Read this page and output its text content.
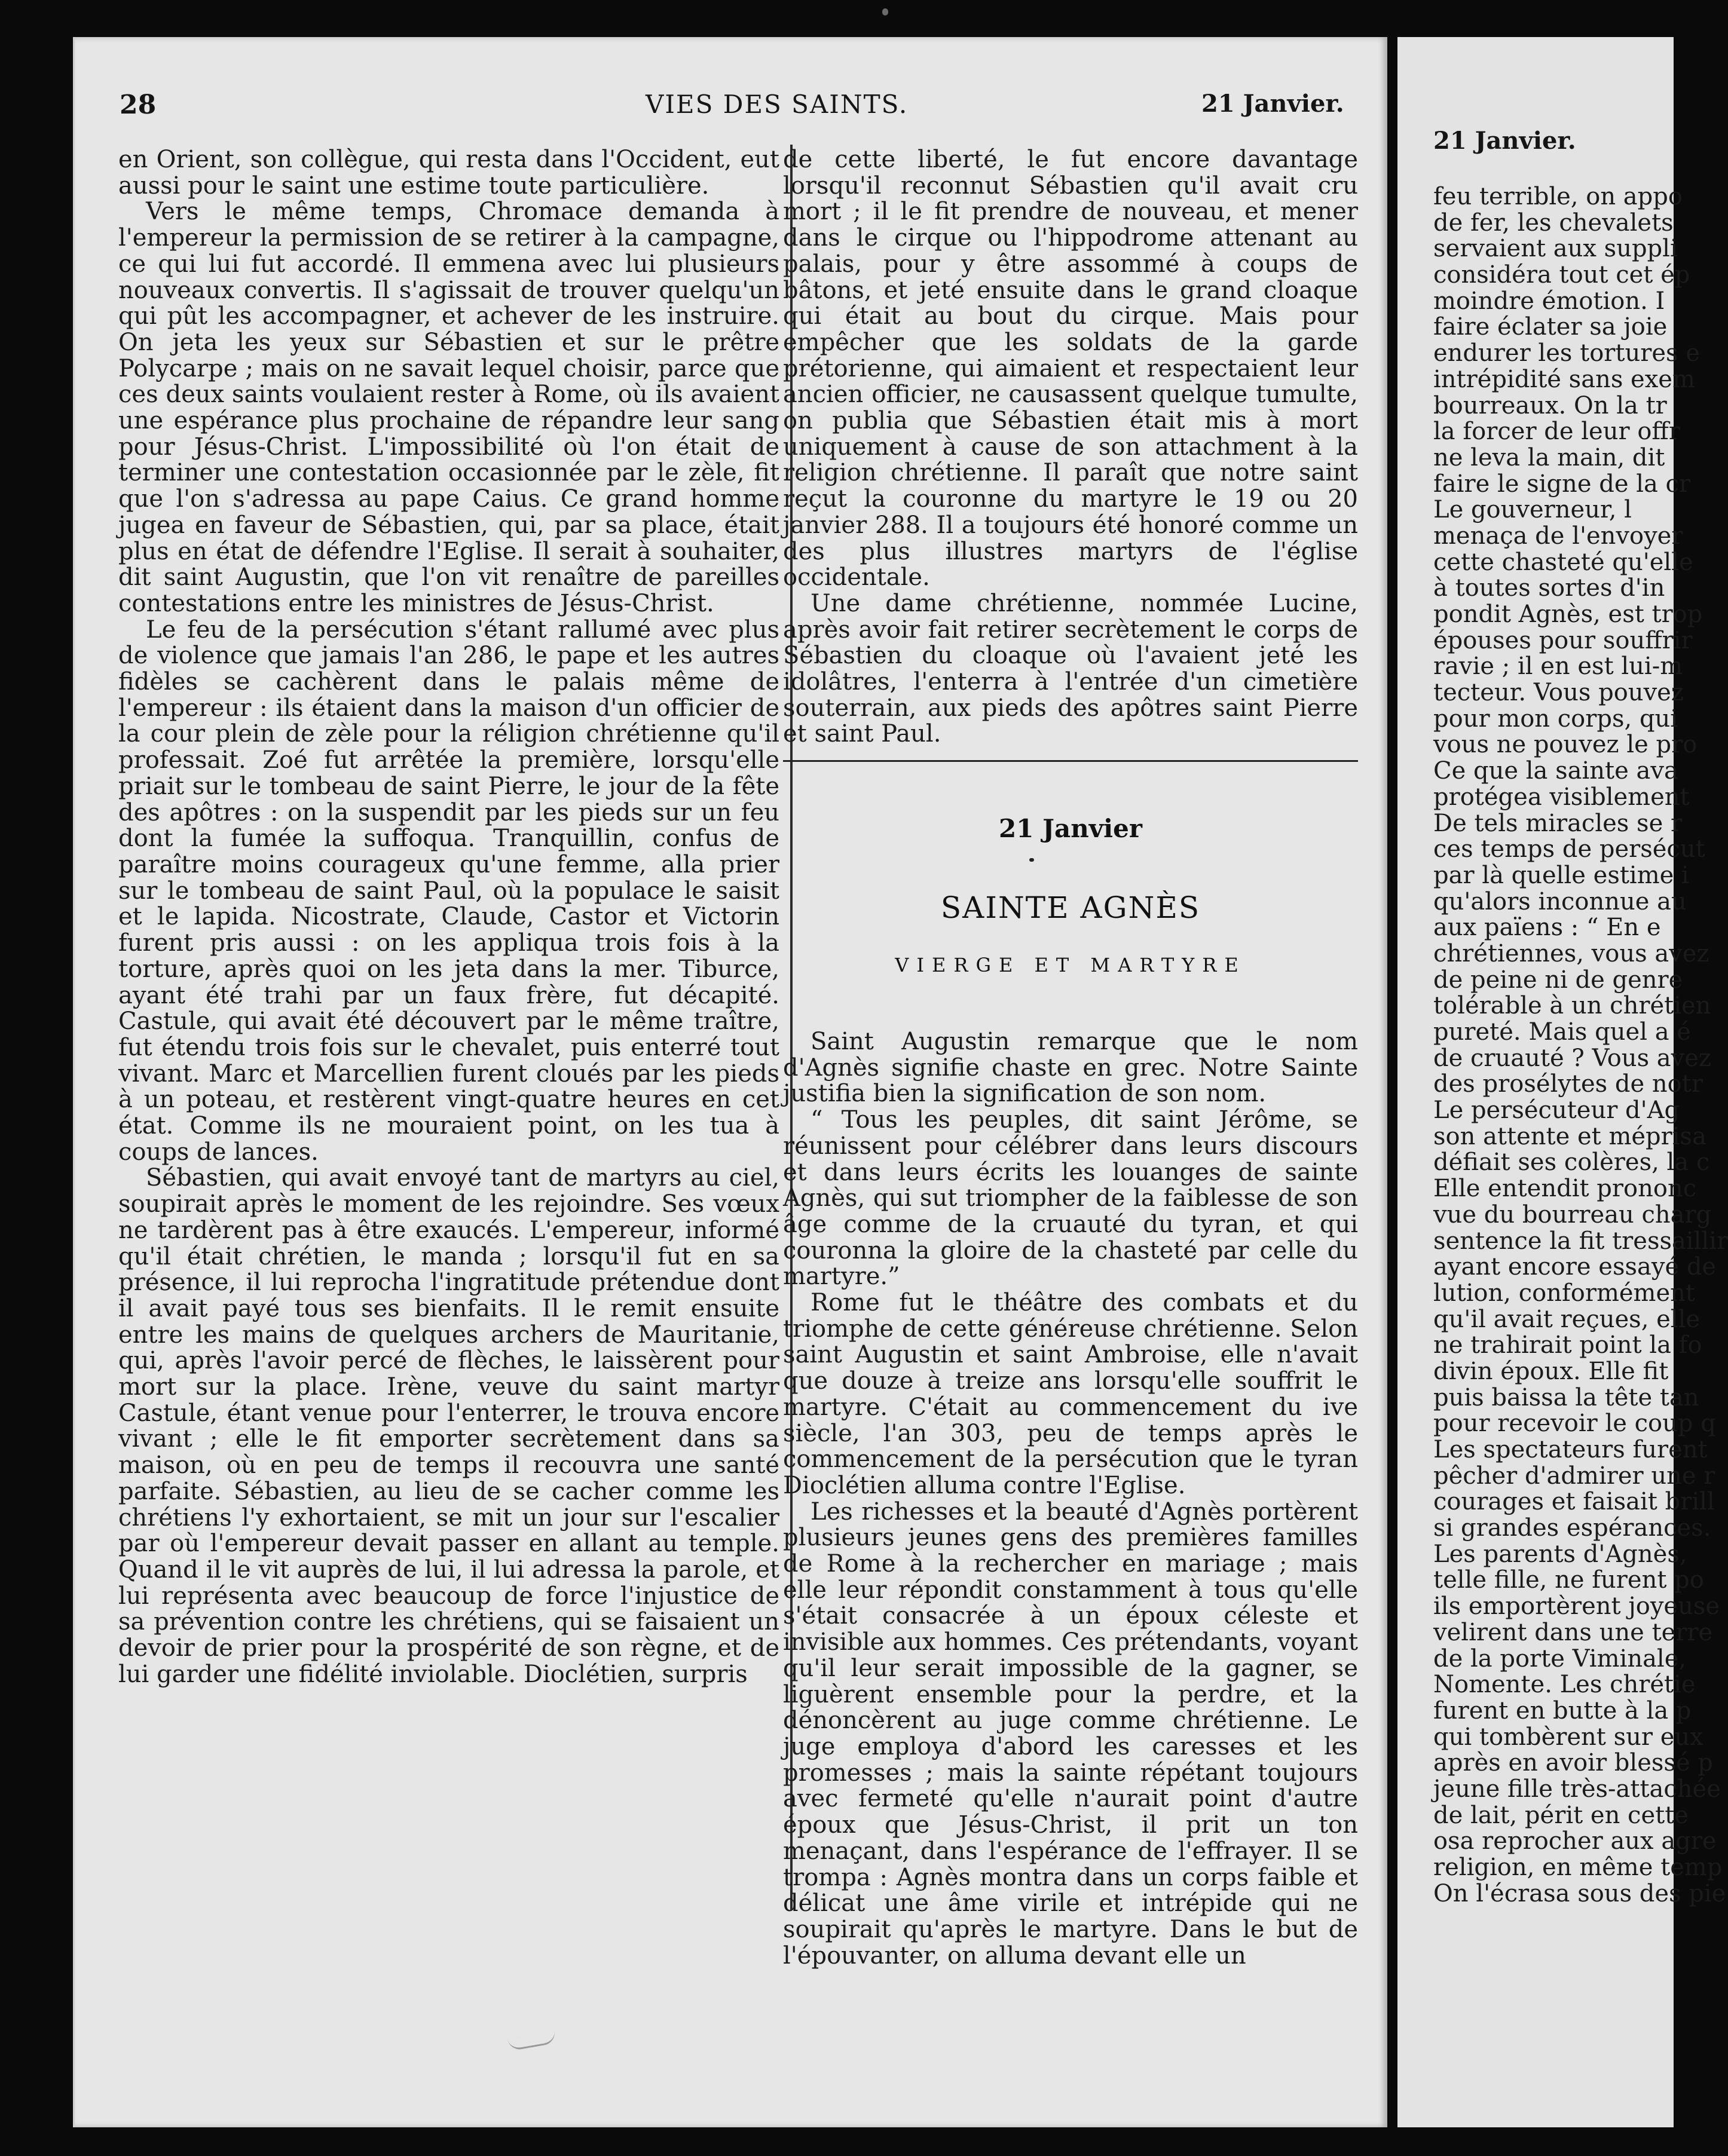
28	VIES DES SAINTS.	21 Janvier.

en Orient, son collègue, qui resta dans l'Occident, eut aussi pour le saint une estime toute particulière.

Vers le même temps, Chromace demanda à l'empereur la permission de se retirer à la campagne, ce qui lui fut accordé. Il emmena avec lui plusieurs nouveaux convertis. Il s'agissait de trouver quelqu'un qui pût les accompagner, et achever de les instruire. On jeta les yeux sur Sébastien et sur le prêtre Polycarpe ; mais on ne savait lequel choisir, parce que ces deux saints voulaient rester à Rome, où ils avaient une espérance plus prochaine de répandre leur sang pour Jésus-Christ. L'impossibilité où l'on était de terminer une contestation occasionnée par le zèle, fit que l'on s'adressa au pape Caius. Ce grand homme jugea en faveur de Sébastien, qui, par sa place, était plus en état de défendre l'Eglise. Il serait à souhaiter, dit saint Augustin, que l'on vit renaître de pareilles contestations entre les ministres de Jésus-Christ.

Le feu de la persécution s'étant rallumé avec plus de violence que jamais l'an 286, le pape et les autres fidèles se cachèrent dans le palais même de l'empereur : ils étaient dans la maison d'un officier de la cour plein de zèle pour la réligion chrétienne qu'il professait. Zoé fut arrêtée la première, lorsqu'elle priait sur le tombeau de saint Pierre, le jour de la fête des apôtres : on la suspendit par les pieds sur un feu dont la fumée la suffoqua. Tranquillin, confus de paraître moins courageux qu'une femme, alla prier sur le tombeau de saint Paul, où la populace le saisit et le lapida. Nicostrate, Claude, Castor et Victorin furent pris aussi : on les appliqua trois fois à la torture, après quoi on les jeta dans la mer. Tiburce, ayant été trahi par un faux frère, fut décapité. Castule, qui avait été découvert par le même traître, fut étendu trois fois sur le chevalet, puis enterré tout vivant. Marc et Marcellien furent cloués par les pieds à un poteau, et restèrent vingt-quatre heures en cet état. Comme ils ne mouraient point, on les tua à coups de lances.

Sébastien, qui avait envoyé tant de martyrs au ciel, soupirait après le moment de les rejoindre. Ses vœux ne tardèrent pas à être exaucés. L'empereur, informé qu'il était chrétien, le manda ; lorsqu'il fut en sa présence, il lui reprocha l'ingratitude prétendue dont il avait payé tous ses bienfaits. Il le remit ensuite entre les mains de quelques archers de Mauritanie, qui, après l'avoir percé de flèches, le laissèrent pour mort sur la place. Irène, veuve du saint martyr Castule, étant venue pour l'enterrer, le trouva encore vivant ; elle le fit emporter secrètement dans sa maison, où en peu de temps il recouvra une santé parfaite. Sébastien, au lieu de se cacher comme les chrétiens l'y exhortaient, se mit un jour sur l'escalier par où l'empereur devait passer en allant au temple. Quand il le vit auprès de lui, il lui adressa la parole, et lui représenta avec beaucoup de force l'injustice de sa prévention contre les chrétiens, qui se faisaient un devoir de prier pour la prospérité de son règne, et de lui garder une fidélité inviolable. Dioclétien, surpris

de cette liberté, le fut encore davantage lorsqu'il reconnut Sébastien qu'il avait cru mort ; il le fit prendre de nouveau, et mener dans le cirque ou l'hippodrome attenant au palais, pour y être assommé à coups de bâtons, et jeté ensuite dans le grand cloaque qui était au bout du cirque. Mais pour empêcher que les soldats de la garde prétorienne, qui aimaient et respectaient leur ancien officier, ne causassent quelque tumulte, on publia que Sébastien était mis à mort uniquement à cause de son attachment à la religion chrétienne. Il paraît que notre saint reçut la couronne du martyre le 19 ou 20 janvier 288. Il a toujours été honoré comme un des plus illustres martyrs de l'église occidentale.

Une dame chrétienne, nommée Lucine, après avoir fait retirer secrètement le corps de Sébastien du cloaque où l'avaient jeté les idolâtres, l'enterra à l'entrée d'un cimetière souterrain, aux pieds des apôtres saint Pierre et saint Paul.

21 Janvier
SAINTE AGNÈS
VIERGE ET MARTYRE

Saint Augustin remarque que le nom d'Agnès signifie chaste en grec. Notre Sainte justifia bien la signification de son nom.

“ Tous les peuples, dit saint Jérôme, se réunissent pour célébrer dans leurs discours et dans leurs écrits les louanges de sainte Agnès, qui sut triompher de la faiblesse de son âge comme de la cruauté du tyran, et qui couronna la gloire de la chasteté par celle du martyre.”

Rome fut le théâtre des combats et du triomphe de cette généreuse chrétienne. Selon saint Augustin et saint Ambroise, elle n'avait que douze à treize ans lorsqu'elle souffrit le martyre. C'était au commencement du ive siècle, l'an 303, peu de temps après le commencement de la persécution que le tyran Dioclétien alluma contre l'Eglise.

Les richesses et la beauté d'Agnès portèrent plusieurs jeunes gens des premières familles de Rome à la rechercher en mariage ; mais elle leur répondit constamment à tous qu'elle s'était consacrée à un époux céleste et invisible aux hommes. Ces prétendants, voyant qu'il leur serait impossible de la gagner, se liguèrent ensemble pour la perdre, et la dénoncèrent au juge comme chrétienne. Le juge employa d'abord les caresses et les promesses ; mais la sainte répétant toujours avec fermeté qu'elle n'aurait point d'autre époux que Jésus-Christ, il prit un ton menaçant, dans l'espérance de l'effrayer. Il se trompa : Agnès montra dans un corps faible et délicat une âme virile et intrépide qui ne soupirait qu'après le martyre. Dans le but de l'épouvanter, on alluma devant elle un

21 Janvier.
feu terrible, on appo
de fer, les chevalets
servaient aux suppli
considéra tout cet ép
moindre émotion. I
faire éclater sa joie
endurer les tortures e
intrépidité sans exem
bourreaux. On la tr
la forcer de leur offr
ne leva la main, dit
faire le signe de la cr
Le gouverneur, l
menaça de l'envoyer
cette chasteté qu'elle
à toutes sortes d'in
pondit Agnès, est trop
épouses pour souffrir
ravie ; il en est lui-m
tecteur. Vous pouvez
pour mon corps, qui
vous ne pouvez le pro
Ce que la sainte ava
protégea visiblement
De tels miracles se r
ces temps de persécut
par là quelle estime i
qu'alors inconnue au
aux païens : “ En e
chrétiennes, vous avez
de peine ni de genre
tolérable à un chrétien
pureté. Mais quel a é
de cruauté ? Vous avez
des prosélytes de notr
Le persécuteur d'Ag
son attente et méprisa
défiait ses colères, la c
Elle entendit prononc
vue du bourreau charg
sentence la fit tressaillir
ayant encore essayé de
lution, conformément
qu'il avait reçues, elle
ne trahirait point la fo
divin époux. Elle fit
puis baissa la tête tan
pour recevoir le coup q
Les spectateurs furent
pêcher d'admirer une r
courages et faisait brill
si grandes espérances.
Les parents d'Agnès,
telle fille, ne furent po
ils emportèrent joyeuse
velirent dans une terre
de la porte Viminale,
Nomente. Les chrétie
furent en butte à la p
qui tombèrent sur eux
après en avoir blessé p
jeune fille très-attachée
de lait, périt en cette
osa reprocher aux agre
religion, en même temp
On l'écrasa sous des pie
